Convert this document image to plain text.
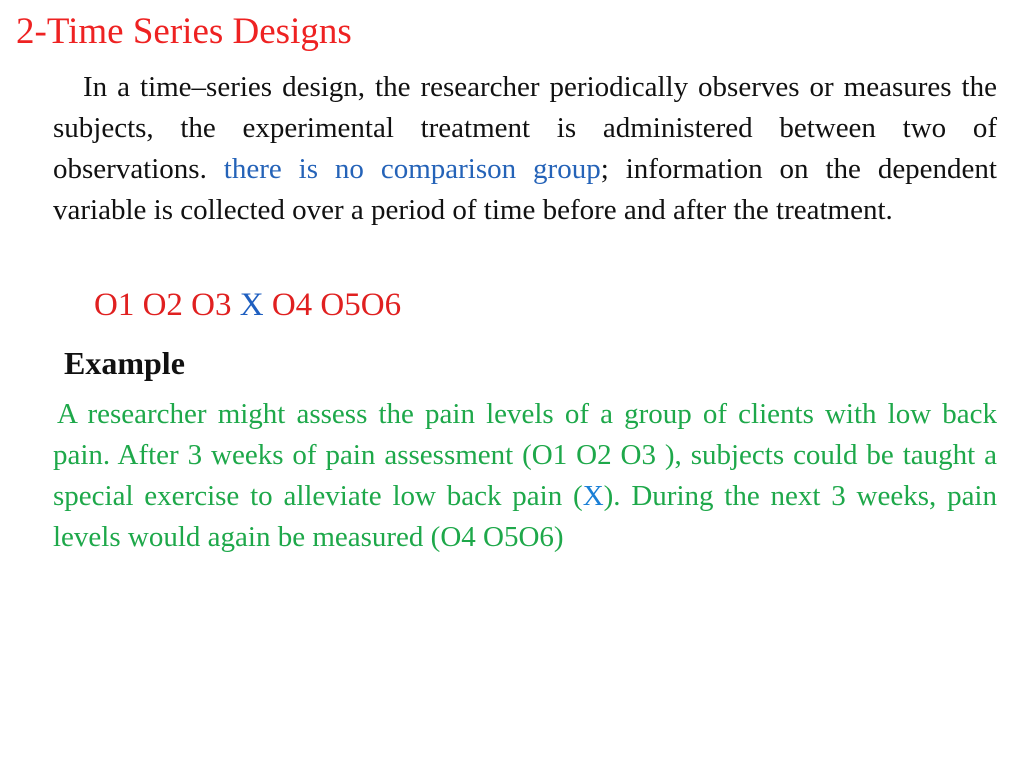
2-Time Series Designs
In a time–series design, the researcher periodically observes or measures the subjects, the experimental treatment is administered between two of observations. there is no comparison group; information on the dependent variable is collected over a period of time before and after the treatment.
O1 O2 O3 X O4 O5O6
Example
A researcher might assess the pain levels of a group of clients with low back pain. After 3 weeks of pain assessment (O1 O2 O3 ), subjects could be taught a special exercise to alleviate low back pain (X). During the next 3 weeks, pain levels would again be measured (O4 O5O6)
